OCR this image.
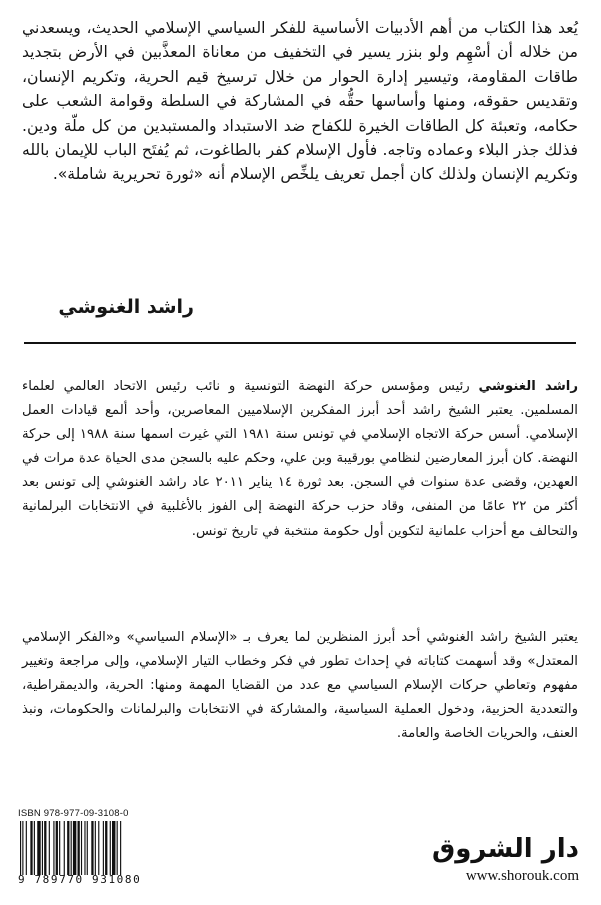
يُعد هذا الكتاب من أهم الأدبيات الأساسية للفكر السياسي الإسلامي الحديث، ويسعدني من خلاله أن أسْهِم ولو بنزر يسير في التخفيف من معاناة المعذَّبين في الأرض بتجديد طاقات المقاومة، وتيسير إدارة الحوار من خلال ترسيخ قيم الحرية، وتكريم الإنسان، وتقديس حقوقه، ومنها وأساسها حقُّه في المشاركة في السلطة وقوامة الشعب على حكامه، وتعبئة كل الطاقات الخيرة للكفاح ضد الاستبداد والمستبدين من كل ملّة ودين. فذلك جذر البلاء وعماده وتاجه. فأول الإسلام كفر بالطاغوت، ثم يُفتَح الباب للإيمان بالله وتكريم الإنسان ولذلك كان أجمل تعريف يلخِّص الإسلام أنه «ثورة تحريرية شاملة».
راشد الغنوشي
راشد الغنوشي رئيس ومؤسس حركة النهضة التونسية و نائب رئيس الاتحاد العالمي لعلماء المسلمين. يعتبر الشيخ راشد أحد أبرز المفكرين الإسلاميين المعاصرين، وأحد ألمع قيادات العمل الإسلامي. أسس حركة الاتجاه الإسلامي في تونس سنة ١٩٨١ التي غيرت اسمها سنة ١٩٨٨ إلى حركة النهضة. كان أبرز المعارضين لنظامي بورقيبة وبن علي، وحكم عليه بالسجن مدى الحياة عدة مرات في العهدين، وقضى عدة سنوات في السجن. بعد ثورة ١٤ يناير ٢٠١١ عاد راشد الغنوشي إلى تونس بعد أكثر من ٢٢ عامًا من المنفى، وقاد حزب حركة النهضة إلى الفوز بالأغلبية في الانتخابات البرلمانية والتحالف مع أحزاب علمانية لتكوين أول حكومة منتخبة في تاريخ تونس.
يعتبر الشيخ راشد الغنوشي أحد أبرز المنظرين لما يعرف بـ «الإسلام السياسي» و«الفكر الإسلامي المعتدل» وقد أسهمت كتاباته في إحداث تطور في فكر وخطاب التيار الإسلامي، وإلى مراجعة وتغيير مفهوم وتعاطي حركات الإسلام السياسي مع عدد من القضايا المهمة ومنها: الحرية، والديمقراطية، والتعددية الحزبية، ودخول العملية السياسية، والمشاركة في الانتخابات والبرلمانات والحكومات، ونبذ العنف، والحريات الخاصة والعامة.
ISBN 978-977-09-3108-0
9 789770 931080
دار الشروق
www.shorouk.com
